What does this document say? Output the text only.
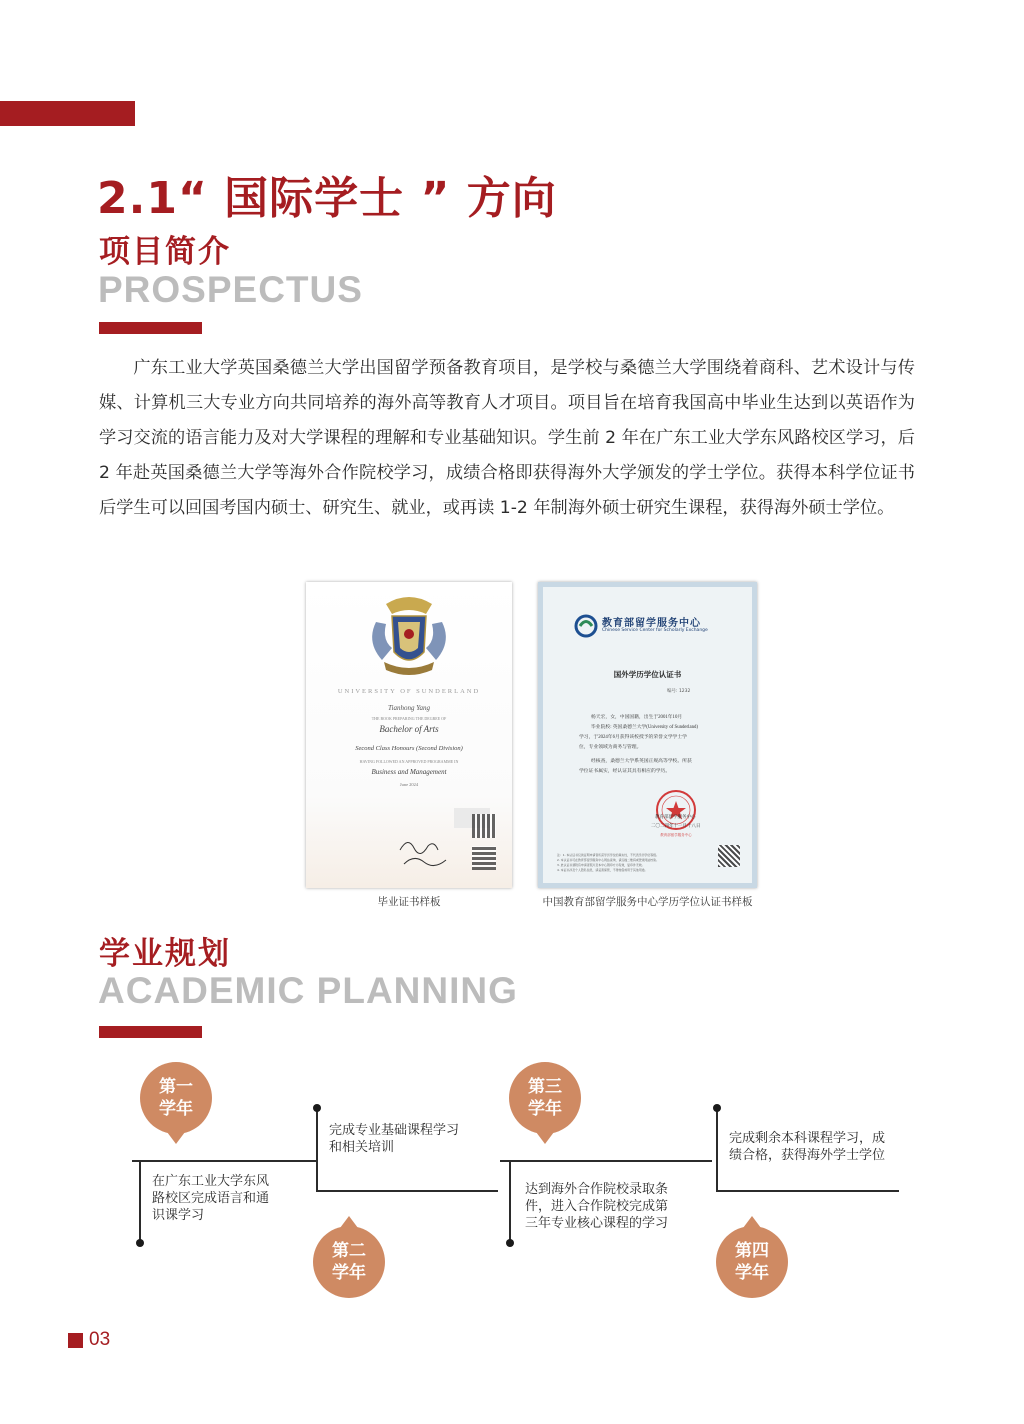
2.1“ 国际学士 ” 方向
项目简介
PROSPECTUS

广东工业大学英国桑德兰大学出国留学预备教育项目，是学校与桑德兰大学围绕着商科、艺术设计与传媒、计算机三大专业方向共同培养的海外高等教育人才项目。项目旨在培育我国高中毕业生达到以英语作为学习交流的语言能力及对大学课程的理解和专业基础知识。学生前 2 年在广东工业大学东风路校区学习，后 2 年赴英国桑德兰大学等海外合作院校学习，成绩合格即获得海外大学颁发的学士学位。获得本科学位证书后学生可以回国考国内硕士、研究生、就业，或再读 1-2 年制海外硕士研究生课程，获得海外硕士学位。

UNIVERSITY OF SUNDERLAND
Tianhong Yang
THE BOOK PREPARING THE DEGREE OF
Bachelor of Arts
Second Class Honours (Second Division)
HAVING FOLLOWED AN APPROVED PROGRAMME IN
Business and Management
June 2024
毕业证书样板
教育部留学服务中心
Chinese Service Center for Scholarly Exchange
国外学历学位认证书
编号: 1232
杨天宏，女，中国国籍，出生于2001年10月
毕业院校: 英国桑德兰大学(University of Sunderland)
学习，于2024年6月获得该校授予的荣誉文学学士学
位，专业领域为商务与管理。
经核查，桑德兰大学系英国正规高等学校。所获
学位证书属实，经认证其具有相应的学历。
教育部留学服务中心
教育部留学服务中心
二〇二四年十一月十八日
注：1. 本认证书仅供证明申请者所获学历学位的真实性，不代表学历学位等级。
2. 本认证书可在教育部留学服务中心网站查询，请扫描二维码或登录网站核验。
3. 此认证书须附有申请者照片及本中心钢印方为有效，复印件无效。
4. 本证书涉及个人隐私信息，请妥善保管，不得转借或用于其他用途。
中国教育部留学服务中心学历学位认证书样板
学业规划
ACADEMIC PLANNING
第一
学年
在广东工业大学东风路校区完成语言和通识课学习
完成专业基础课程学习和相关培训
第二
学年
第三
学年
达到海外合作院校录取条件，进入合作院校完成第三年专业核心课程的学习
完成剩余本科课程学习，成绩合格，获得海外学士学位
第四
学年
03
